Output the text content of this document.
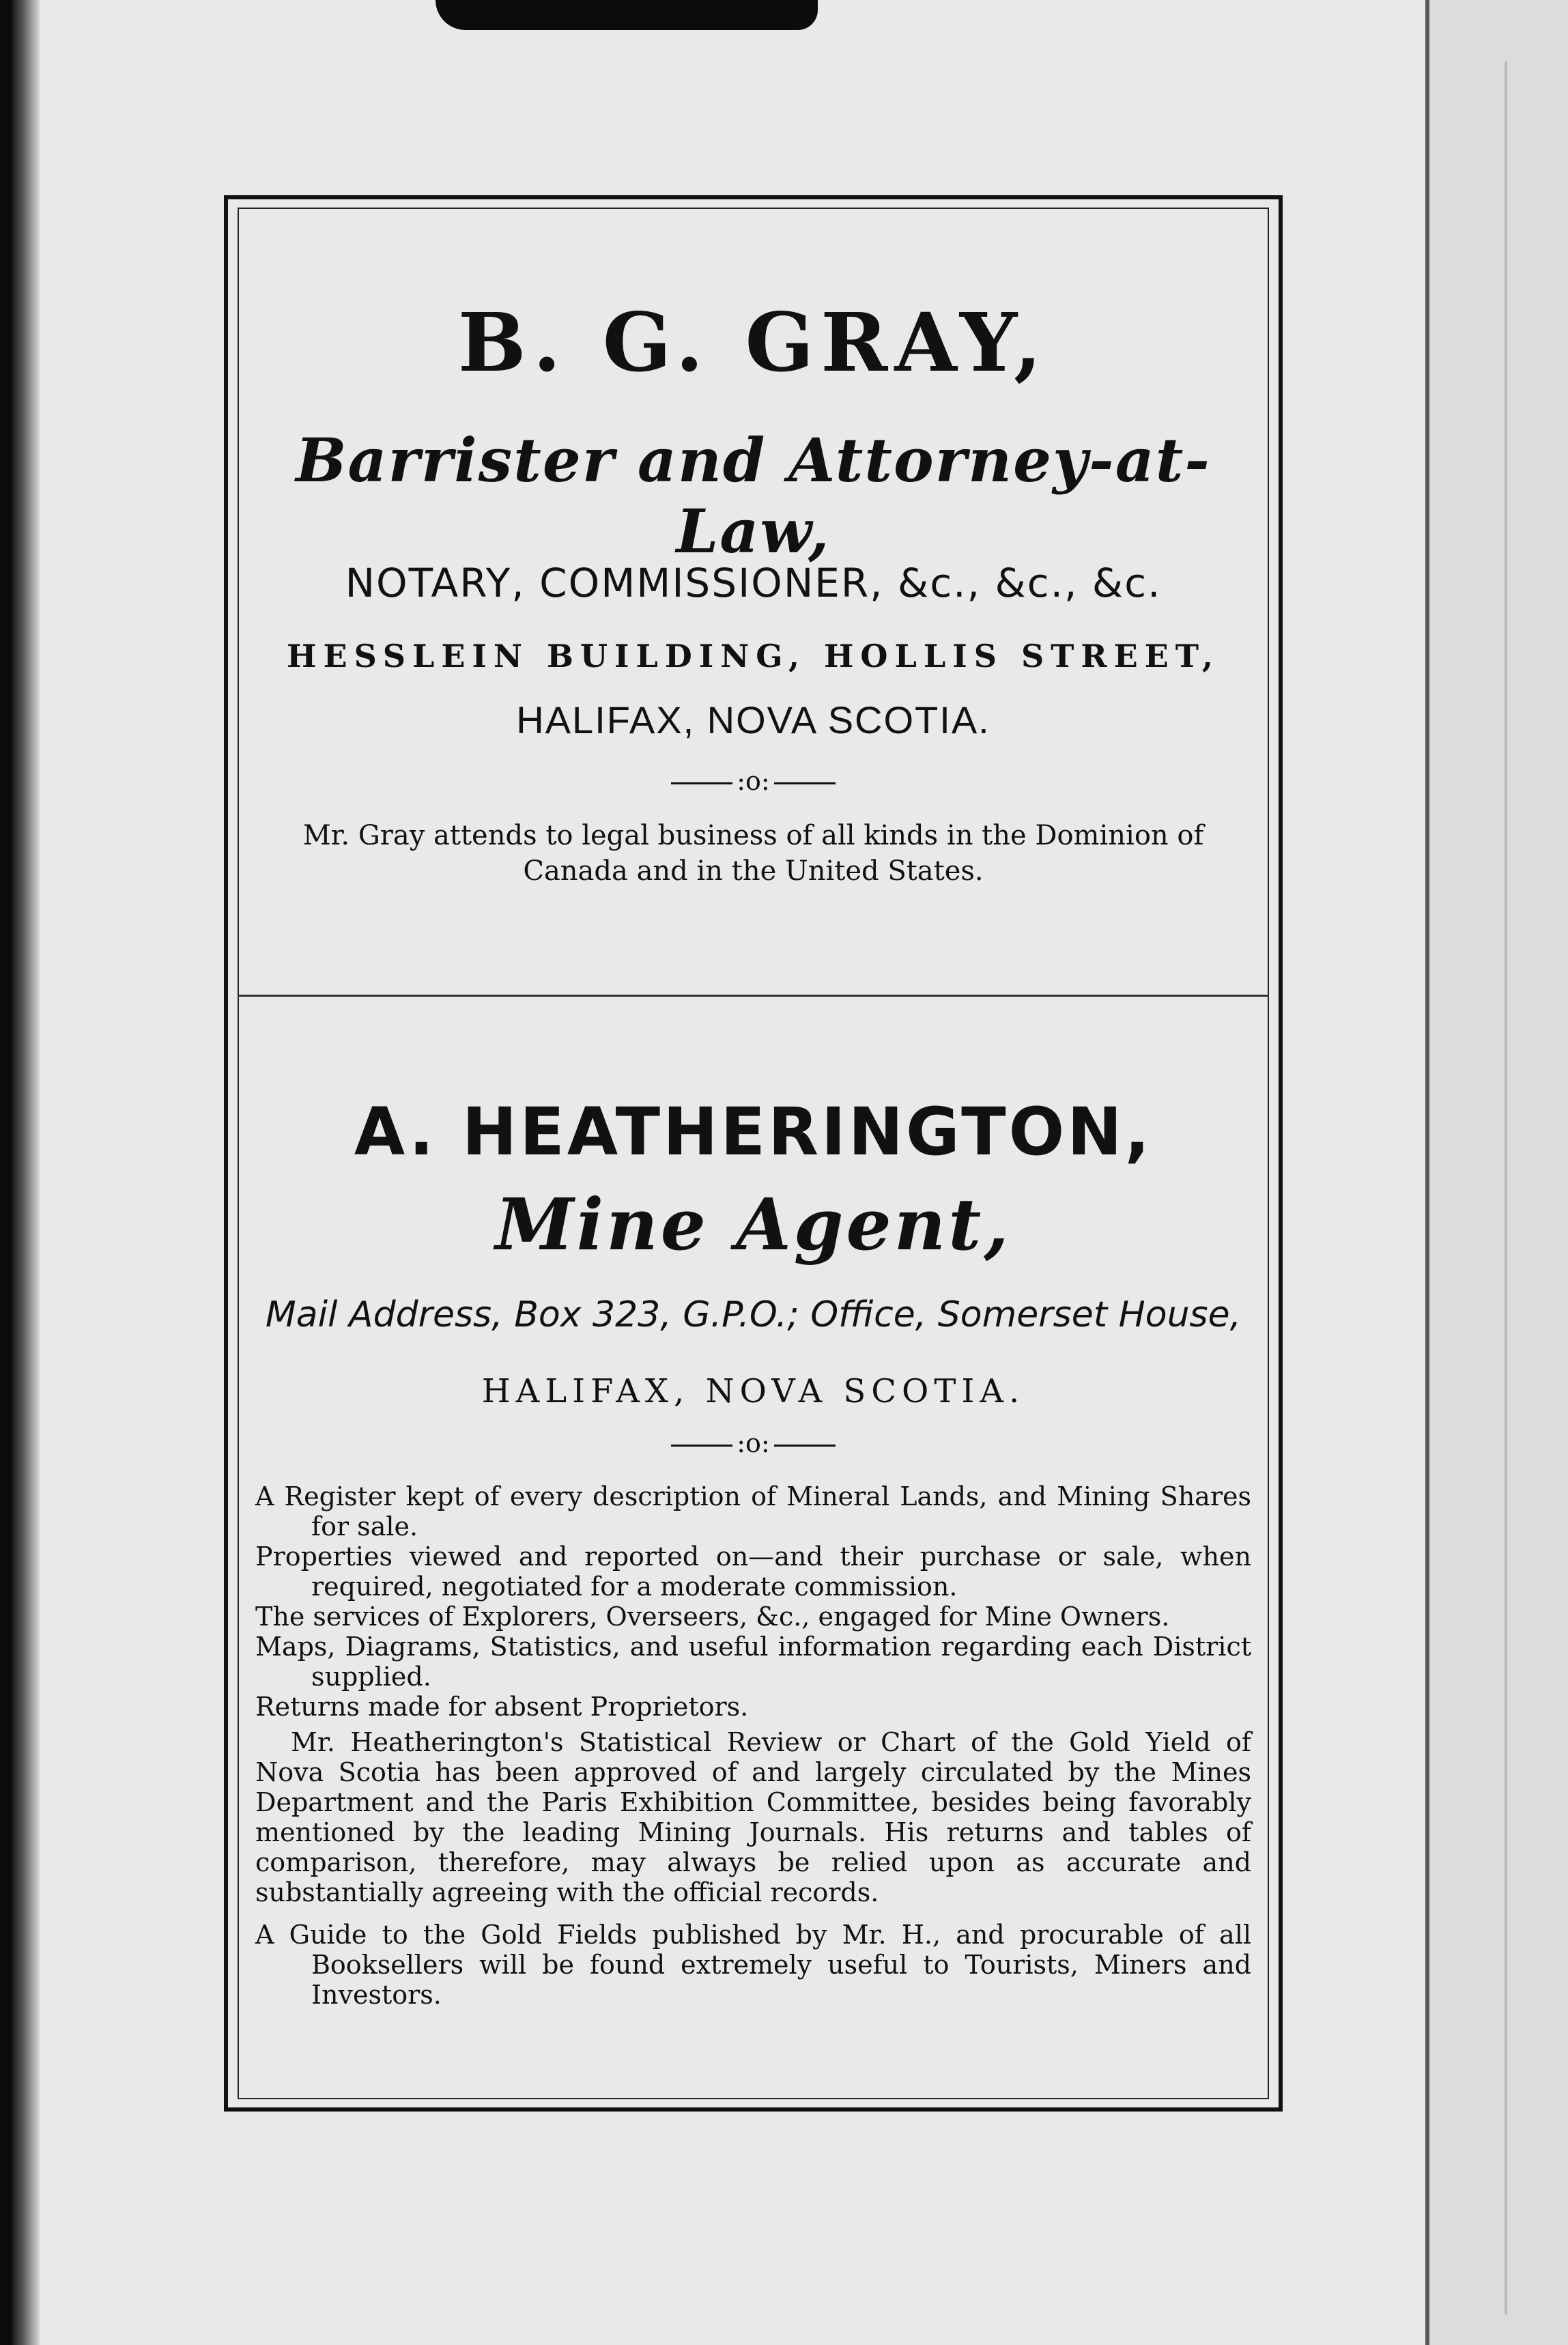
B. G. GRAY,
Barrister and Attorney-at-Law,
NOTARY, COMMISSIONER, &c., &c., &c.
HESSLEIN BUILDING, HOLLIS STREET,
HALIFAX, NOVA SCOTIA.
:o:
Mr. Gray attends to legal business of all kinds in the Dominion of Canada and in the United States.
A. HEATHERINGTON,
Mine Agent,
Mail Address, Box 323, G.P.O.; Office, Somerset House,
HALIFAX, NOVA SCOTIA.
:o:

A Register kept of every description of Mineral Lands, and Mining Shares for sale.

Properties viewed and reported on—and their purchase or sale, when required, negotiated for a moderate commission.

The services of Explorers, Overseers, &c., engaged for Mine Owners.

Maps, Diagrams, Statistics, and useful information regarding each District supplied.

Returns made for absent Proprietors.

Mr. Heatherington's Statistical Review or Chart of the Gold Yield of Nova Scotia has been approved of and largely circulated by the Mines Department and the Paris Exhibition Committee, besides being favorably mentioned by the leading Mining Journals. His returns and tables of comparison, therefore, may always be relied upon as accurate and substantially agreeing with the official records.

A Guide to the Gold Fields published by Mr. H., and procurable of all Booksellers will be found extremely useful to Tourists, Miners and Investors.
